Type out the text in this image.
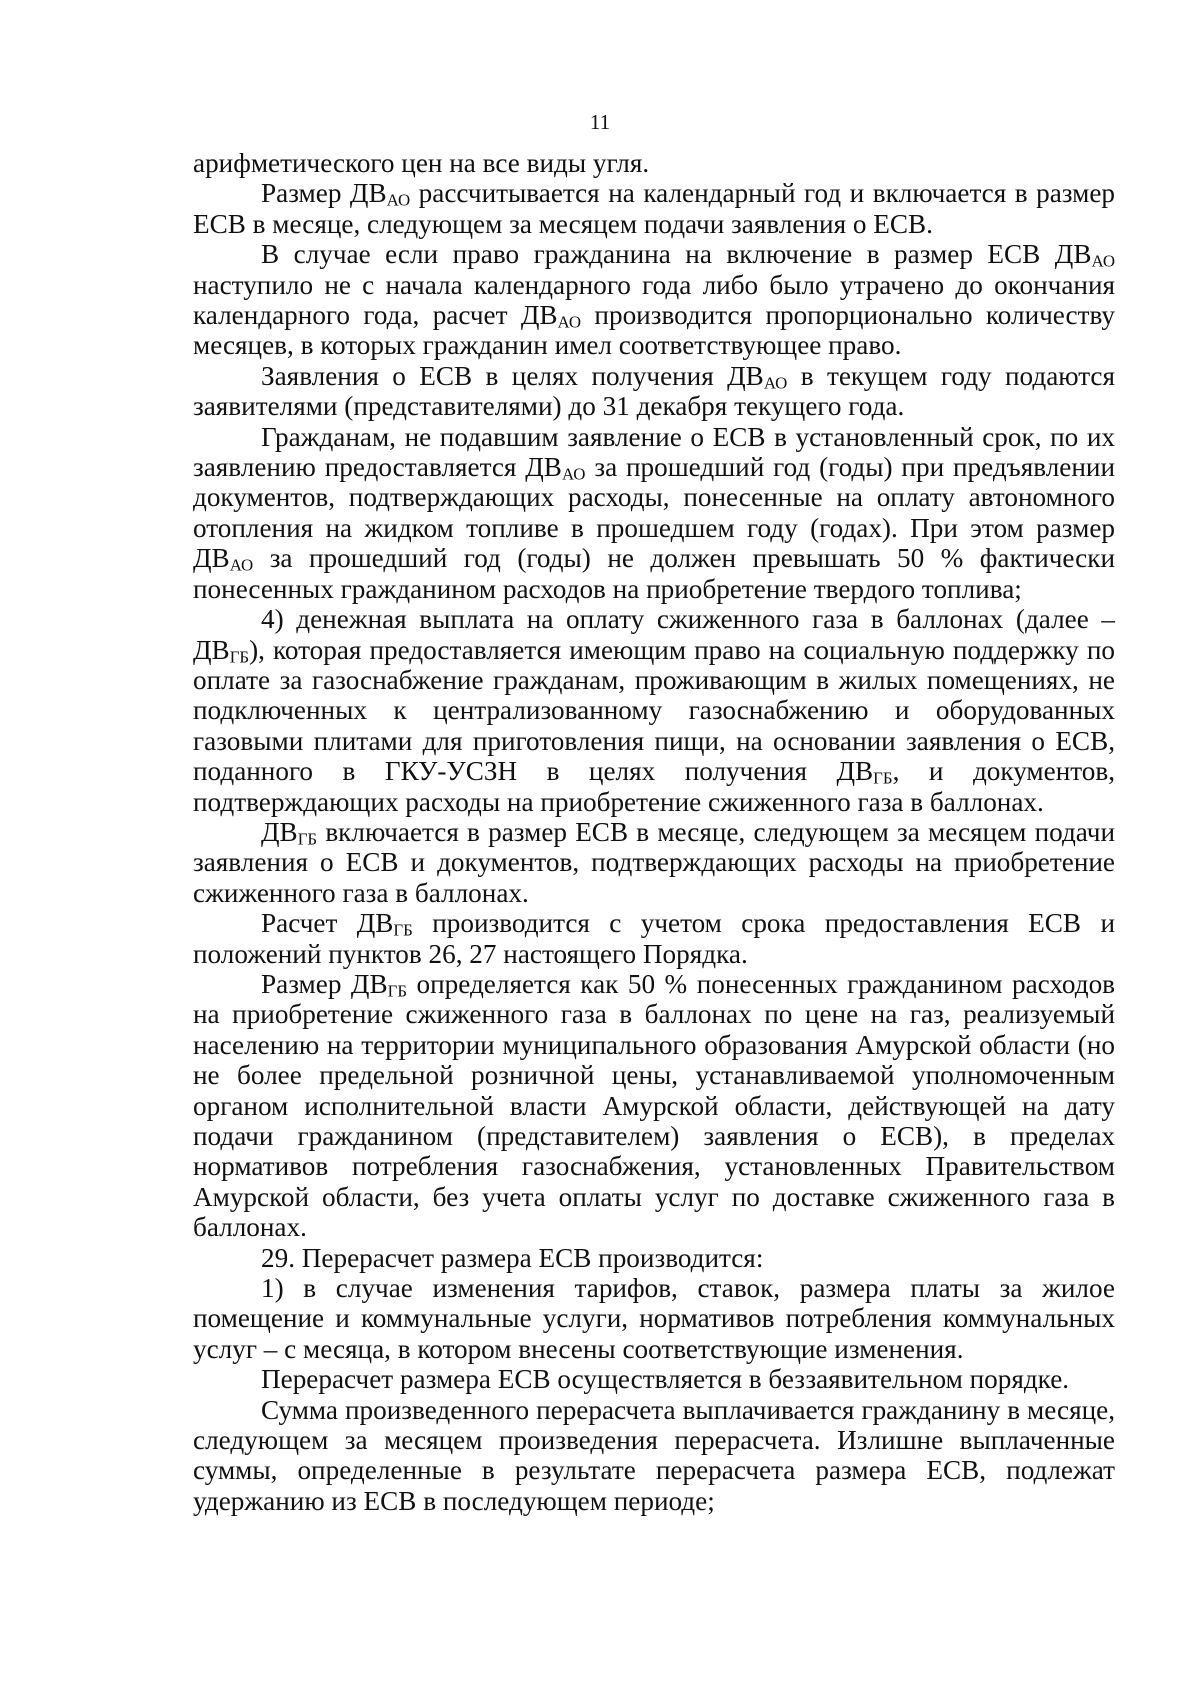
11

арифметического цен на все виды угля.

Размер $ДВ_{АО}$ рассчитывается на календарный год и включается в размер ЕСВ в месяце, следующем за месяцем подачи заявления о ЕСВ.

В случае если право гражданина на включение в размер ЕСВ $ДВ_{АО}$ наступило не с начала календарного года либо было утрачено до окончания календарного года, расчет $ДВ_{АО}$ производится пропорционально количеству месяцев, в которых гражданин имел соответствующее право.

Заявления о ЕСВ в целях получения $ДВ_{АО}$ в текущем году подаются заявителями (представителями) до 31 декабря текущего года.

Гражданам, не подавшим заявление о ЕСВ в установленный срок, по их заявлению предоставляется $ДВ_{АО}$ за прошедший год (годы) при предъявлении документов, подтверждающих расходы, понесенные на оплату автономного отопления на жидком топливе в прошедшем году (годах). При этом размер $ДВ_{АО}$ за прошедший год (годы) не должен превышать 50 % фактически понесенных гражданином расходов на приобретение твердого топлива;

4) денежная выплата на оплату сжиженного газа в баллонах (далее – $ДВ_{ГБ}$), которая предоставляется имеющим право на социальную поддержку по оплате за газоснабжение гражданам, проживающим в жилых помещениях, не подключенных к централизованному газоснабжению и оборудованных газовыми плитами для приготовления пищи, на основании заявления о ЕСВ, поданного в ГКУ-УСЗН в целях получения $ДВ_{ГБ}$, и документов, подтверждающих расходы на приобретение сжиженного газа в баллонах.

$ДВ_{ГБ}$ включается в размер ЕСВ в месяце, следующем за месяцем подачи заявления о ЕСВ и документов, подтверждающих расходы на приобретение сжиженного газа в баллонах.

Расчет $ДВ_{ГБ}$ производится с учетом срока предоставления ЕСВ и положений пунктов 26, 27 настоящего Порядка.

Размер $ДВ_{ГБ}$ определяется как 50 % понесенных гражданином расходов на приобретение сжиженного газа в баллонах по цене на газ, реализуемый населению на территории муниципального образования Амурской области (но не более предельной розничной цены, устанавливаемой уполномоченным органом исполнительной власти Амурской области, действующей на дату подачи гражданином (представителем) заявления о ЕСВ), в пределах нормативов потребления газоснабжения, установленных Правительством Амурской области, без учета оплаты услуг по доставке сжиженного газа в баллонах.

29. Перерасчет размера ЕСВ производится:

1) в случае изменения тарифов, ставок, размера платы за жилое помещение и коммунальные услуги, нормативов потребления коммунальных услуг – с месяца, в котором внесены соответствующие изменения.

Перерасчет размера ЕСВ осуществляется в беззаявительном порядке.

Сумма произведенного перерасчета выплачивается гражданину в месяце, следующем за месяцем произведения перерасчета. Излишне выплаченные суммы, определенные в результате перерасчета размера ЕСВ, подлежат удержанию из ЕСВ в последующем периоде;
